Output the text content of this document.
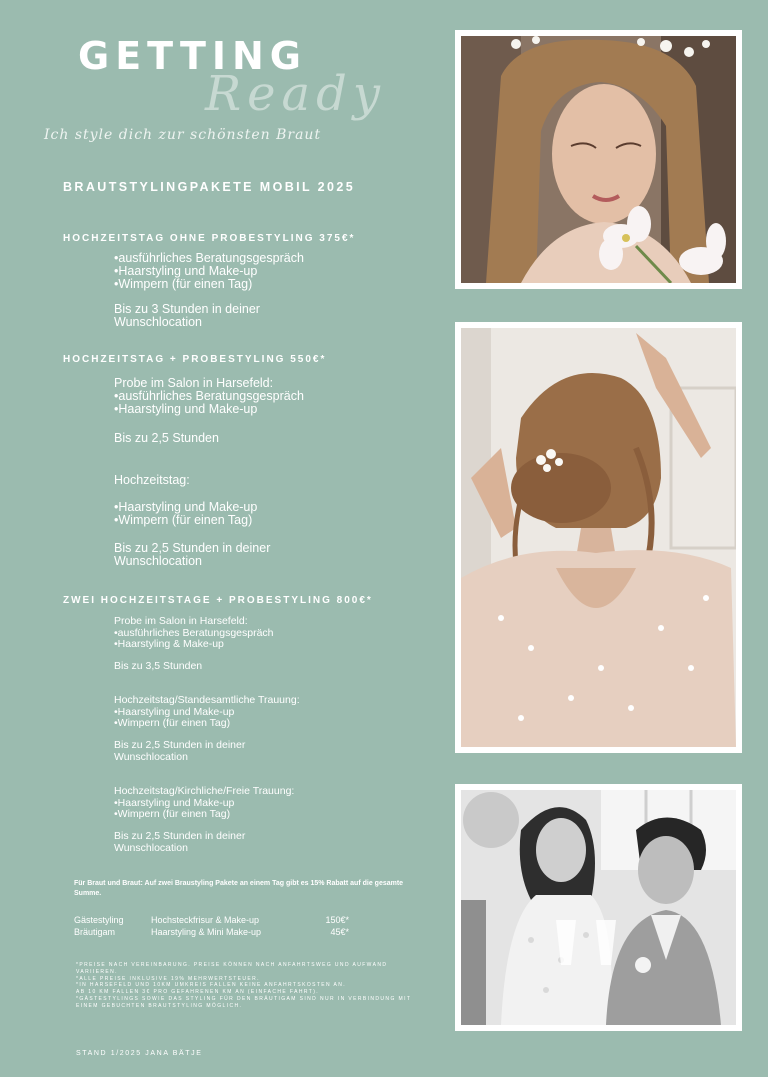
GETTING
Ready
Ich style dich zur schönsten Braut
BRAUTSTYLINGPAKETE MOBIL 2025
HOCHZEITSTAG OHNE PROBESTYLING 375€*
•ausführliches Beratungsgespräch
•Haarstyling und Make-up
•Wimpern (für einen Tag)
Bis zu 3 Stunden in deiner
Wunschlocation
HOCHZEITSTAG + PROBESTYLING 550€*
Probe im Salon in Harsefeld:
•ausführliches Beratungsgespräch
•Haarstyling und Make-up
Bis zu 2,5 Stunden
Hochzeitstag:
•Haarstyling und Make-up
•Wimpern (für einen Tag)
Bis zu 2,5 Stunden in deiner
Wunschlocation
ZWEI HOCHZEITSTAGE + PROBESTYLING 800€*
Probe im Salon in Harsefeld:
•ausführliches Beratungsgespräch
•Haarstyling & Make-up
Bis zu 3,5 Stunden
Hochzeitstag/Standesamtliche Trauung:
•Haarstyling und Make-up
•Wimpern (für einen Tag)
Bis zu 2,5 Stunden in deiner
Wunschlocation
Hochzeitstag/Kirchliche/Freie Trauung:
•Haarstyling und Make-up
•Wimpern (für einen Tag)
Bis zu 2,5 Stunden in deiner
Wunschlocation
Für Braut und Braut: Auf zwei Braustyling Pakete an einem Tag gibt es 15% Rabatt auf die gesamte Summe.
Gästestyling	Hochsteckfrisur & Make-up	150€*
Bräutigam	Haarstyling & Mini Make-up	45€*
*PREISE NACH VEREINBARUNG. PREISE KÖNNEN NACH ANFAHRTSWEG UND AUFWAND
VARIIEREN.
*ALLE PREISE INKLUSIVE 19% MEHRWERTSTEUER.
*IN HARSEFELD UND 10KM UMKREIS FALLEN KEINE ANFAHRTSKOSTEN AN.
AB 10 KM FALLEN 3€ PRO GEFAHRENEN KM AN (EINFACHE FAHRT).
*GÄSTESTYLINGS SOWIE DAS STYLING FÜR DEN BRÄUTIGAM SIND NUR IN VERBINDUNG MIT
EINEM GEBUCHTEN BRAUTSTYLING MÖGLICH.
STAND 1/2025 JANA BÄTJE
